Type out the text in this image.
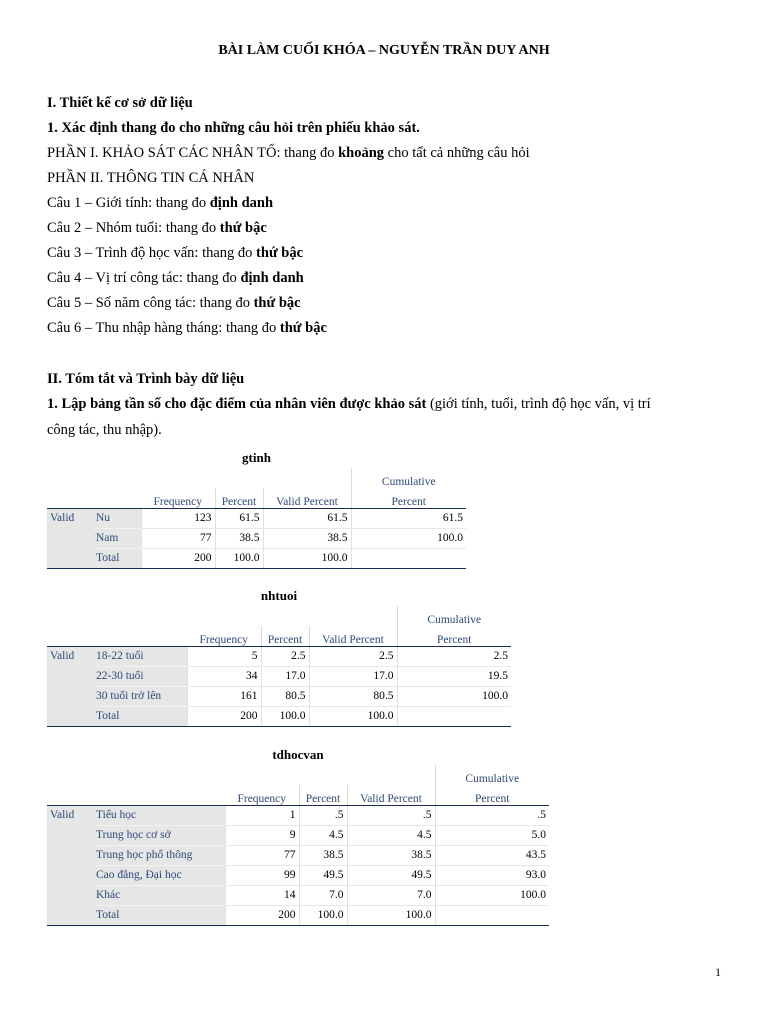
BÀI LÀM CUỐI KHÓA – NGUYỄN TRẦN DUY ANH
I. Thiết kế cơ sở dữ liệu
1. Xác định thang đo cho những câu hỏi trên phiếu khảo sát.
PHẦN I. KHẢO SÁT CÁC NHÂN TỐ: thang đo khoảng cho tất cả những câu hỏi
PHẦN II. THÔNG TIN CÁ NHÂN
Câu 1 – Giới tính: thang đo định danh
Câu 2 – Nhóm tuổi: thang đo thứ bậc
Câu 3 – Trình độ học vấn: thang đo thứ bậc
Câu 4 – Vị trí công tác: thang đo định danh
Câu 5 – Số năm công tác: thang đo thứ bậc
Câu 6 – Thu nhập hàng tháng: thang đo thứ bậc
II. Tóm tắt và Trình bày dữ liệu
1. Lập bảng tần số cho đặc điểm của nhân viên được khảo sát (giới tính, tuổi, trình độ học vấn, vị trí
công tác, thu nhập).
gtinh
					Cumulative
		Frequency	Percent	Valid Percent	Percent
Valid	Nu	123	61.5	61.5	61.5
	Nam	77	38.5	38.5	100.0
	Total	200	100.0	100.0	
nhtuoi
					Cumulative
		Frequency	Percent	Valid Percent	Percent
Valid	18-22 tuổi	5	2.5	2.5	2.5
	22-30 tuổi	34	17.0	17.0	19.5
	30 tuổi trở lên	161	80.5	80.5	100.0
	Total	200	100.0	100.0	
tdhocvan
					Cumulative
		Frequency	Percent	Valid Percent	Percent
Valid	Tiểu học	1	.5	.5	.5
	Trung học cơ sở	9	4.5	4.5	5.0
	Trung học phổ thông	77	38.5	38.5	43.5
	Cao đẳng, Đại học	99	49.5	49.5	93.0
	Khác	14	7.0	7.0	100.0
	Total	200	100.0	100.0	
1
